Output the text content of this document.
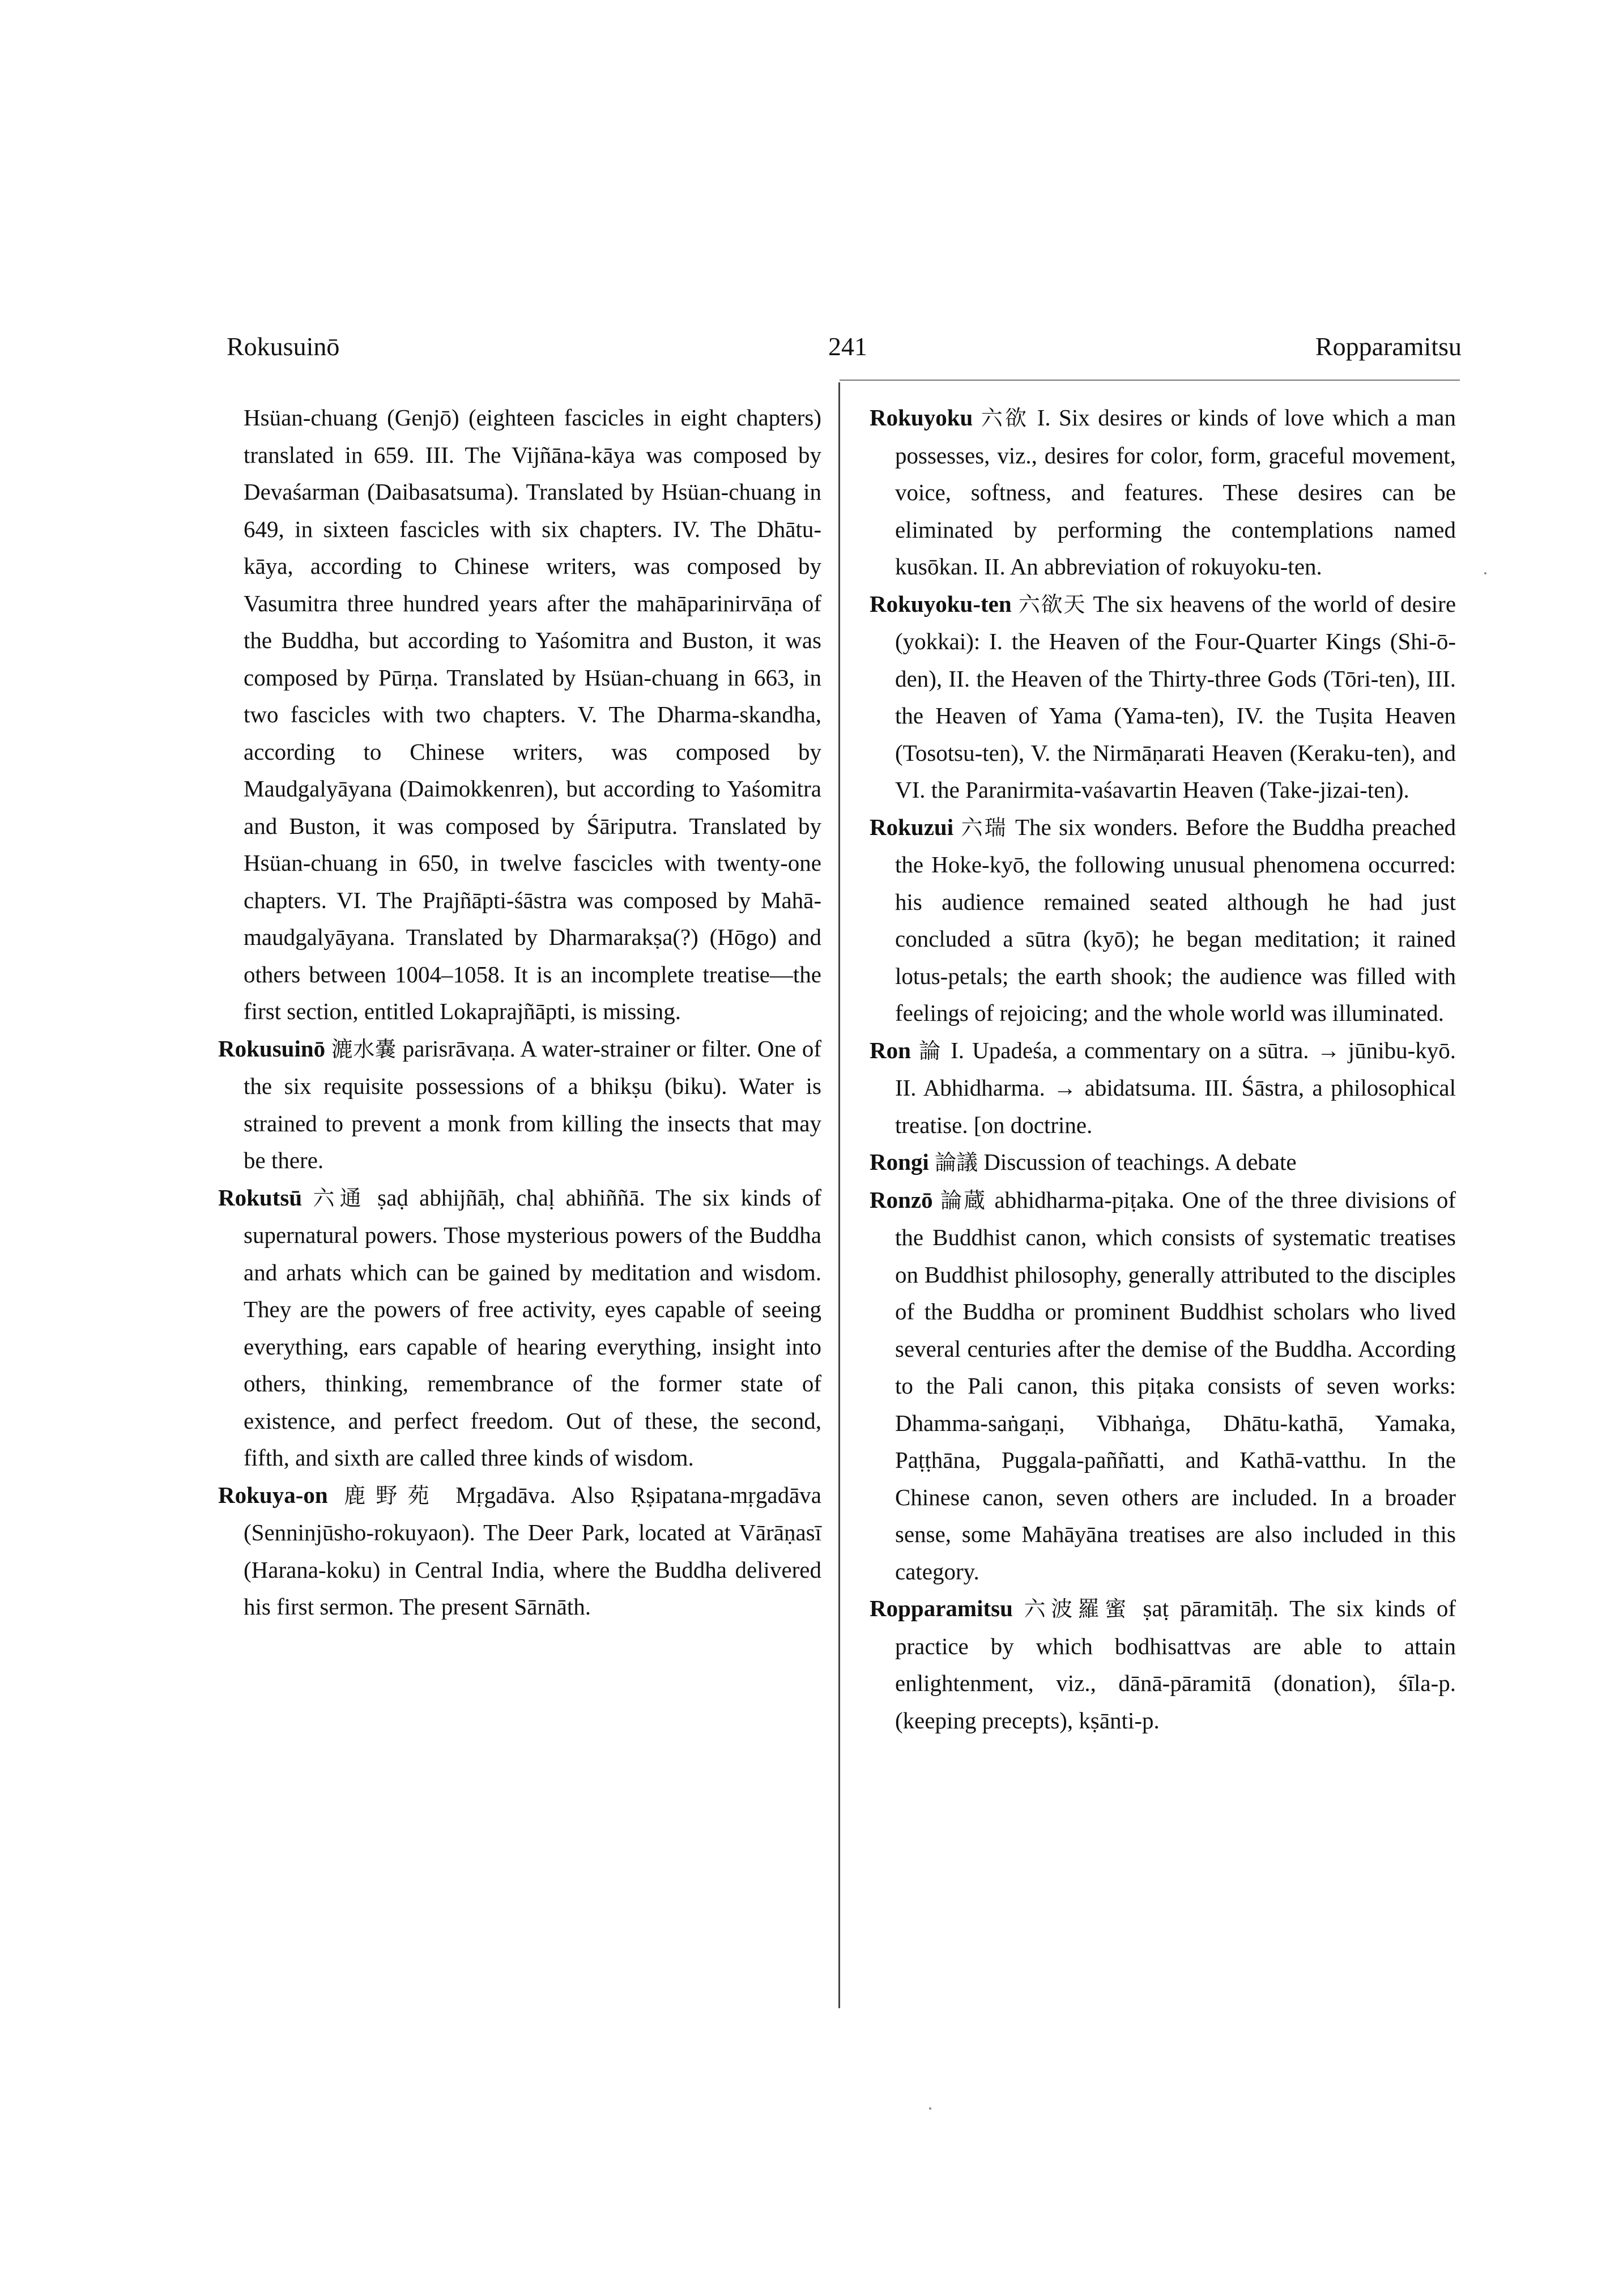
Rokusuinō	241	Ropparamitsu

Hsüan-chuang (Genjō) (eighteen fascicles in eight chapters) translated in 659. III. The Vijñāna-kāya was composed by Devaśarman (Daibasatsuma). Translated by Hsüan-chuang in 649, in sixteen fascicles with six chapters. IV. The Dhātu-kāya, according to Chinese writers, was composed by Vasumitra three hundred years after the mahāparinirvāṇa of the Buddha, but according to Yaśomitra and Buston, it was composed by Pūrṇa. Translated by Hsüan-chuang in 663, in two fascicles with two chapters. V. The Dharma-skandha, according to Chinese writers, was composed by Maudgalyāyana (Daimokkenren), but according to Yaśomitra and Buston, it was composed by Śāriputra. Translated by Hsüan-chuang in 650, in twelve fascicles with twenty-one chapters. VI. The Prajñāpti-śāstra was composed by Mahā-maudgalyāyana. Translated by Dharmarakṣa(?) (Hōgo) and others between 1004–1058. It is an incomplete treatise—the first section, entitled Lokaprajñāpti, is missing.

Rokusuinō 漉水嚢 parisrāvaṇa. A water-strainer or filter. One of the six requisite possessions of a bhikṣu (biku). Water is strained to prevent a monk from killing the insects that may be there.

Rokutsū 六通 ṣaḍ abhijñāḥ, chaḷ abhiññā. The six kinds of supernatural powers. Those mysterious powers of the Buddha and arhats which can be gained by meditation and wisdom. They are the powers of free activity, eyes capable of seeing everything, ears capable of hearing everything, insight into others, thinking, remembrance of the former state of existence, and perfect freedom. Out of these, the second, fifth, and sixth are called three kinds of wisdom.

Rokuya-on 鹿野苑 Mṛgadāva. Also Ṛṣipatana-mṛgadāva (Senninjūsho-rokuyaon). The Deer Park, located at Vārāṇasī (Harana-koku) in Central India, where the Buddha delivered his first sermon. The present Sārnāth.

Rokuyoku 六欲 I. Six desires or kinds of love which a man possesses, viz., desires for color, form, graceful movement, voice, softness, and features. These desires can be eliminated by performing the contemplations named kusōkan. II. An abbreviation of rokuyoku-ten.

Rokuyoku-ten 六欲天 The six heavens of the world of desire (yokkai): I. the Heaven of the Four-Quarter Kings (Shi-ō-den), II. the Heaven of the Thirty-three Gods (Tōri-ten), III. the Heaven of Yama (Yama-ten), IV. the Tuṣita Heaven (Tosotsu-ten), V. the Nirmāṇarati Heaven (Keraku-ten), and VI. the Paranirmita-vaśavartin Heaven (Take-jizai-ten).

Rokuzui 六瑞 The six wonders. Before the Buddha preached the Hoke-kyō, the following unusual phenomena occurred: his audience remained seated although he had just concluded a sūtra (kyō); he began meditation; it rained lotus-petals; the earth shook; the audience was filled with feelings of rejoicing; and the whole world was illuminated.

Ron 論 I. Upadeśa, a commentary on a sūtra. → jūnibu-kyō. II. Abhidharma. → abidatsuma. III. Śāstra, a philosophical treatise. [on doctrine.

Rongi 論議 Discussion of teachings. A debate

Ronzō 論蔵 abhidharma-piṭaka. One of the three divisions of the Buddhist canon, which consists of systematic treatises on Buddhist philosophy, generally attributed to the disciples of the Buddha or prominent Buddhist scholars who lived several centuries after the demise of the Buddha. According to the Pali canon, this piṭaka consists of seven works: Dhamma-saṅgaṇi, Vibhaṅga, Dhātu-kathā, Yamaka, Paṭṭhāna, Puggala-paññatti, and Kathā-vatthu. In the Chinese canon, seven others are included. In a broader sense, some Mahāyāna treatises are also included in this category.

Ropparamitsu 六波羅蜜 ṣaṭ pāramitāḥ. The six kinds of practice by which bodhisattvas are able to attain enlightenment, viz., dānā-pāramitā (donation), śīla-p. (keeping precepts), kṣānti-p.
